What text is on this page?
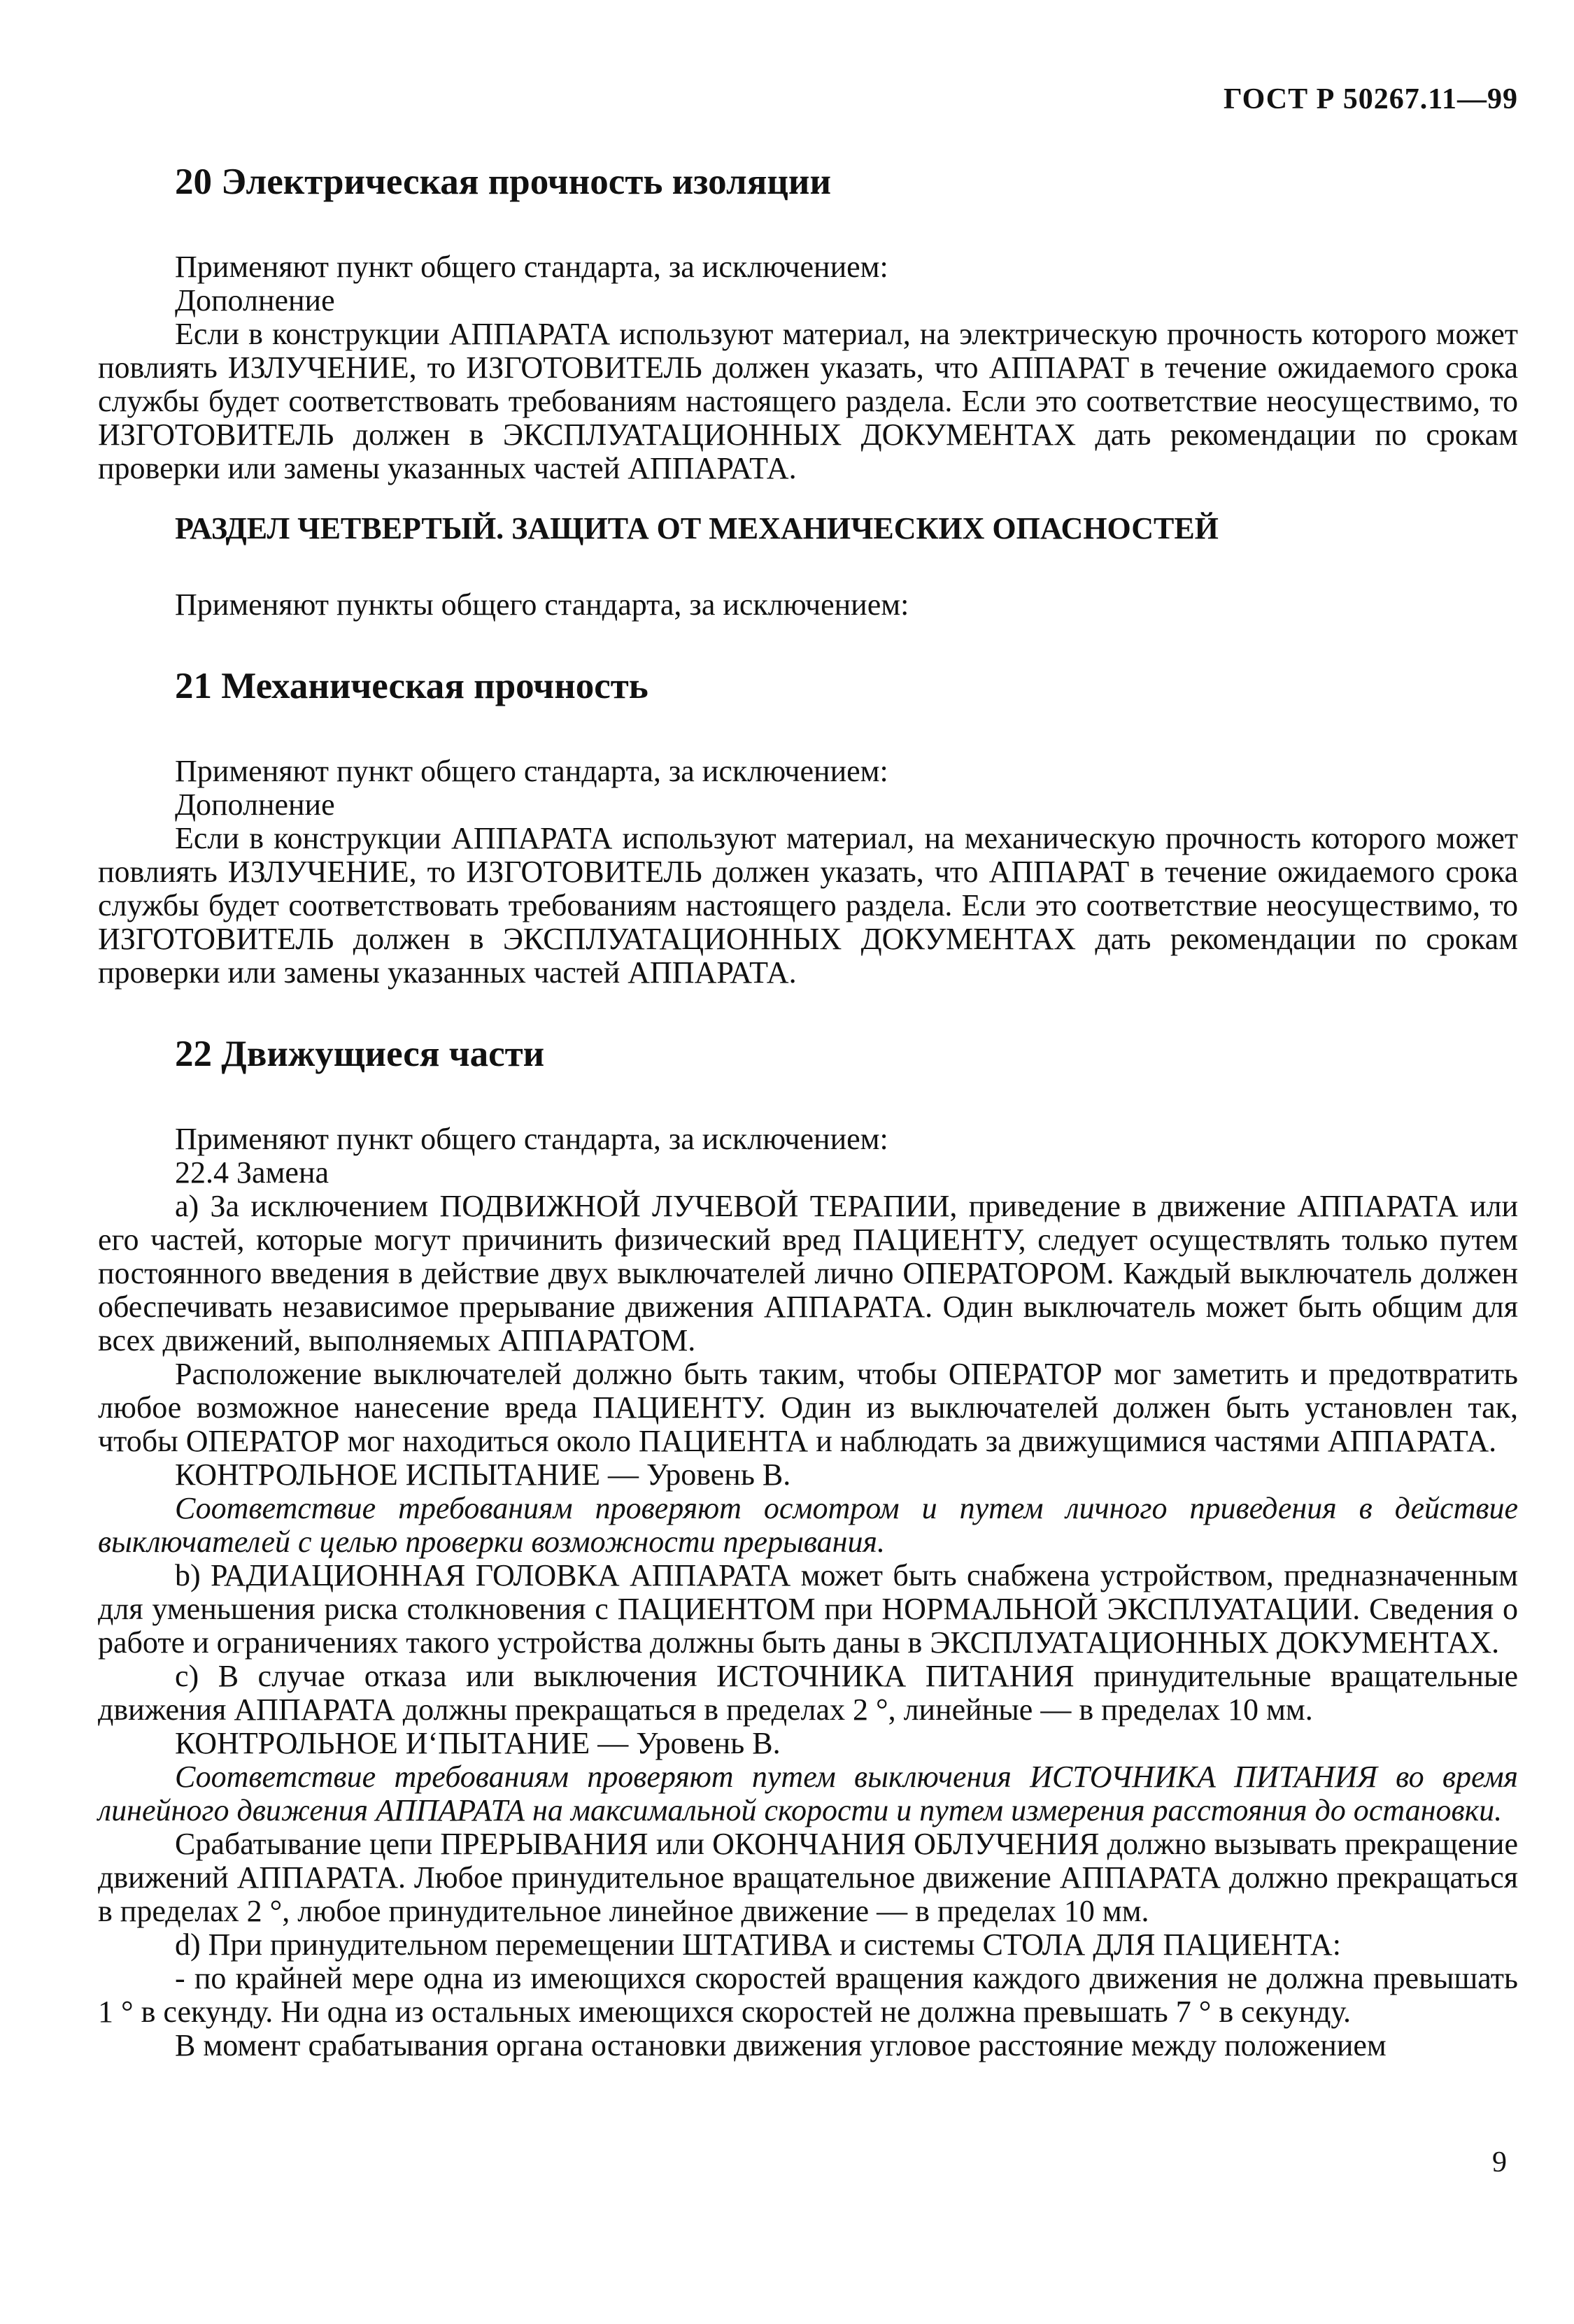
ГОСТ Р 50267.11—99
20 Электрическая прочность изоляции

Применяют пункт общего стандарта, за исключением:

Дополнение

Если в конструкции АППАРАТА используют материал, на электрическую прочность которого может повлиять ИЗЛУЧЕНИЕ, то ИЗГОТОВИТЕЛЬ должен указать, что АППАРАТ в течение ожидаемого срока службы будет соответствовать требованиям настоящего раздела. Если это соответствие неосуществимо, то ИЗГОТОВИТЕЛЬ должен в ЭКСПЛУАТАЦИОННЫХ ДОКУМЕНТАХ дать рекомендации по срокам проверки или замены указанных частей АППАРАТА.

РАЗДЕЛ ЧЕТВЕРТЫЙ. ЗАЩИТА ОТ МЕХАНИЧЕСКИХ ОПАСНОСТЕЙ

Применяют пункты общего стандарта, за исключением:

21 Механическая прочность

Применяют пункт общего стандарта, за исключением:

Дополнение

Если в конструкции АППАРАТА используют материал, на механическую прочность которого может повлиять ИЗЛУЧЕНИЕ, то ИЗГОТОВИТЕЛЬ должен указать, что АППАРАТ в течение ожидаемого срока службы будет соответствовать требованиям настоящего раздела. Если это соответствие неосуществимо, то ИЗГОТОВИТЕЛЬ должен в ЭКСПЛУАТАЦИОННЫХ ДОКУМЕНТАХ дать рекомендации по срокам проверки или замены указанных частей АППАРАТА.

22 Движущиеся части

Применяют пункт общего стандарта, за исключением:

22.4 Замена

а) За исключением ПОДВИЖНОЙ ЛУЧЕВОЙ ТЕРАПИИ, приведение в движение АППАРАТА или его частей, которые могут причинить физический вред ПАЦИЕНТУ, следует осуществлять только путем постоянного введения в действие двух выключателей лично ОПЕРАТОРОМ. Каждый выключатель должен обеспечивать независимое прерывание движения АППАРАТА. Один выключатель может быть общим для всех движений, выполняемых АППАРАТОМ.

Расположение выключателей должно быть таким, чтобы ОПЕРАТОР мог заметить и предотвратить любое возможное нанесение вреда ПАЦИЕНТУ. Один из выключателей должен быть установлен так, чтобы ОПЕРАТОР мог находиться около ПАЦИЕНТА и наблюдать за движущимися частями АППАРАТА.

КОНТРОЛЬНОЕ ИСПЫТАНИЕ — Уровень В.

Соответствие требованиям проверяют осмотром и путем личного приведения в действие выключателей с целью проверки возможности прерывания.

b) РАДИАЦИОННАЯ ГОЛОВКА АППАРАТА может быть снабжена устройством, предназначенным для уменьшения риска столкновения с ПАЦИЕНТОМ при НОРМАЛЬНОЙ ЭКСПЛУАТАЦИИ. Сведения о работе и ограничениях такого устройства должны быть даны в ЭКСПЛУАТАЦИОННЫХ ДОКУМЕНТАХ.

с) В случае отказа или выключения ИСТОЧНИКА ПИТАНИЯ принудительные вращательные движения АППАРАТА должны прекращаться в пределах 2 °, линейные — в пределах 10 мм.

КОНТРОЛЬНОЕ ИʻПЫТАНИЕ — Уровень В.

Соответствие требованиям проверяют путем выключения ИСТОЧНИКА ПИТАНИЯ во время линейного движения АППАРАТА на максимальной скорости и путем измерения расстояния до остановки.

Срабатывание цепи ПРЕРЫВАНИЯ или ОКОНЧАНИЯ ОБЛУЧЕНИЯ должно вызывать прекращение движений АППАРАТА. Любое принудительное вращательное движение АППАРАТА должно прекращаться в пределах 2 °, любое принудительное линейное движение — в пределах 10 мм.

d) При принудительном перемещении ШТАТИВА и системы СТОЛА ДЛЯ ПАЦИЕНТА:

- по крайней мере одна из имеющихся скоростей вращения каждого движения не должна превышать 1 ° в секунду. Ни одна из остальных имеющихся скоростей не должна превышать 7 ° в секунду.

В момент срабатывания органа остановки движения угловое расстояние между положением

9
